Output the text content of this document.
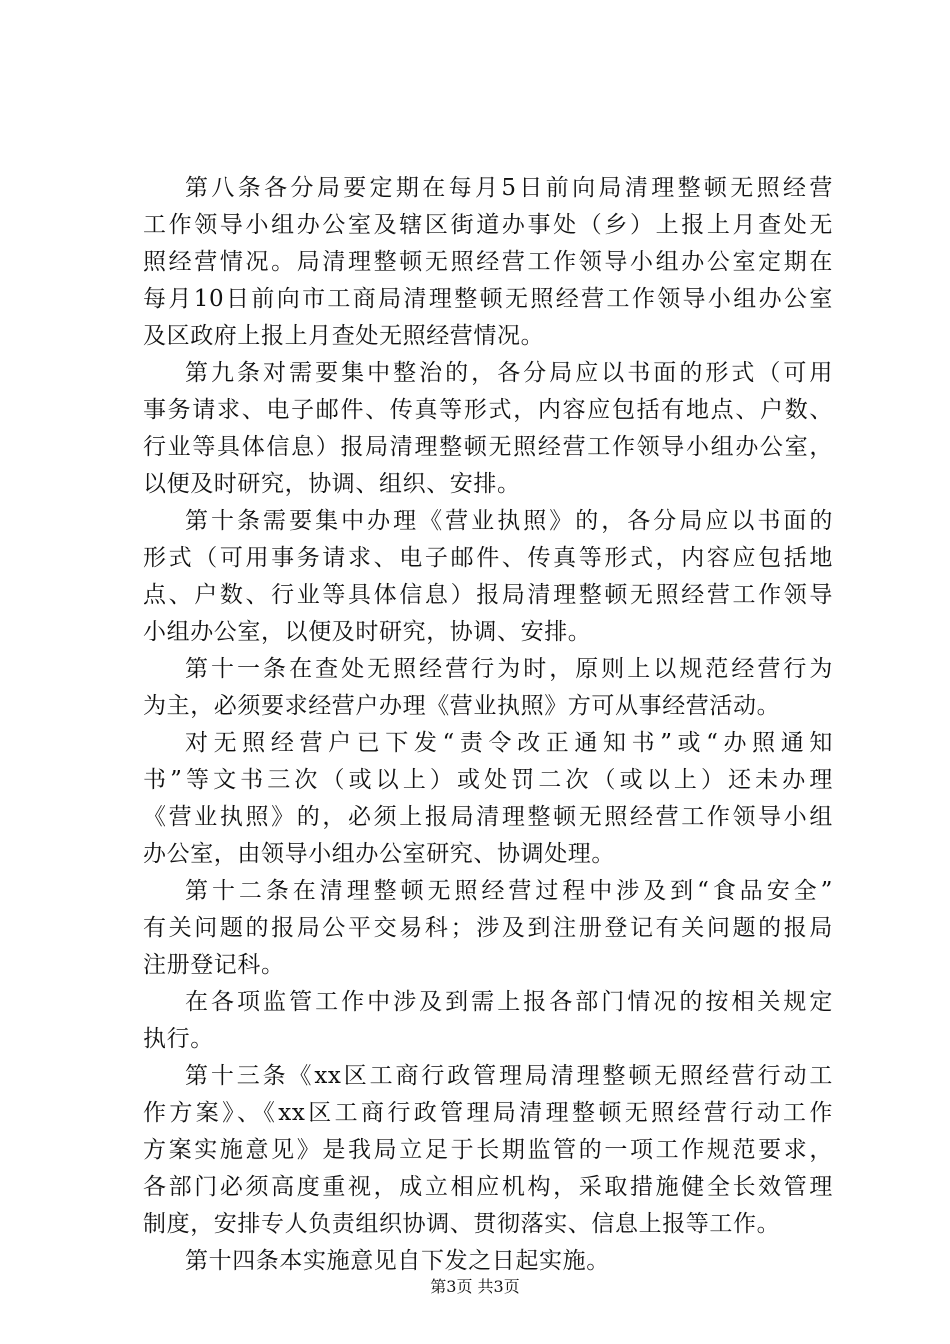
第八条各分局要定期在每月5日前向局清理整顿无照经营
工作领导小组办公室及辖区街道办事处（乡）上报上月查处无
照经营情况。局清理整顿无照经营工作领导小组办公室定期在
每月10日前向市工商局清理整顿无照经营工作领导小组办公室
及区政府上报上月查处无照经营情况。
第九条对需要集中整治的，各分局应以书面的形式（可用
事务请求、电子邮件、传真等形式，内容应包括有地点、户数、
行业等具体信息）报局清理整顿无照经营工作领导小组办公室，
以便及时研究，协调、组织、安排。
第十条需要集中办理《营业执照》的，各分局应以书面的
形式（可用事务请求、电子邮件、传真等形式，内容应包括地
点、户数、行业等具体信息）报局清理整顿无照经营工作领导
小组办公室，以便及时研究，协调、安排。
第十一条在查处无照经营行为时，原则上以规范经营行为
为主，必须要求经营户办理《营业执照》方可从事经营活动。
对无照经营户已下发“责令改正通知书”或“办照通知
书”等文书三次（或以上）或处罚二次（或以上）还未办理
《营业执照》的，必须上报局清理整顿无照经营工作领导小组
办公室，由领导小组办公室研究、协调处理。
第十二条在清理整顿无照经营过程中涉及到“食品安全”
有关问题的报局公平交易科；涉及到注册登记有关问题的报局
注册登记科。
在各项监管工作中涉及到需上报各部门情况的按相关规定
执行。
第十三条《xx区工商行政管理局清理整顿无照经营行动工
作方案》、《xx区工商行政管理局清理整顿无照经营行动工作
方案实施意见》是我局立足于长期监管的一项工作规范要求，
各部门必须高度重视，成立相应机构，采取措施健全长效管理
制度，安排专人负责组织协调、贯彻落实、信息上报等工作。
第十四条本实施意见自下发之日起实施。
第3页 共3页
